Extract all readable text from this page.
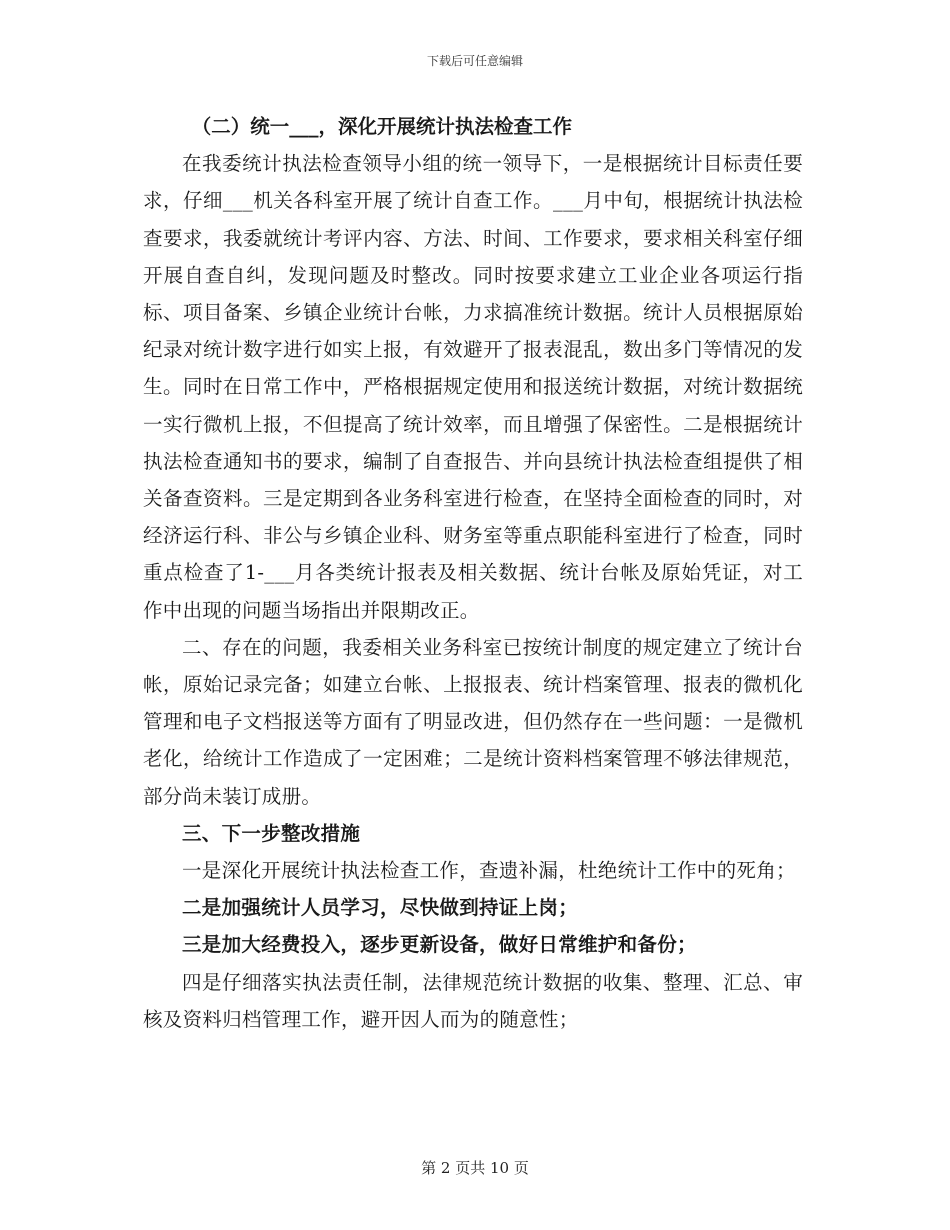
下载后可任意编辑

（二）统一___，深化开展统计执法检查工作

在我委统计执法检查领导小组的统一领导下，一是根据统计目标责任要求，仔细___机关各科室开展了统计自查工作。___月中旬，根据统计执法检查要求，我委就统计考评内容、方法、时间、工作要求，要求相关科室仔细开展自查自纠，发现问题及时整改。同时按要求建立工业企业各项运行指标、项目备案、乡镇企业统计台帐，力求搞准统计数据。统计人员根据原始纪录对统计数字进行如实上报，有效避开了报表混乱，数出多门等情况的发生。同时在日常工作中，严格根据规定使用和报送统计数据，对统计数据统一实行微机上报，不但提高了统计效率，而且增强了保密性。二是根据统计执法检查通知书的要求，编制了自查报告、并向县统计执法检查组提供了相关备查资料。三是定期到各业务科室进行检查，在坚持全面检查的同时，对经济运行科、非公与乡镇企业科、财务室等重点职能科室进行了检查，同时重点检查了1-___月各类统计报表及相关数据、统计台帐及原始凭证，对工作中出现的问题当场指出并限期改正。

二、存在的问题，我委相关业务科室已按统计制度的规定建立了统计台帐，原始记录完备；如建立台帐、上报报表、统计档案管理、报表的微机化管理和电子文档报送等方面有了明显改进，但仍然存在一些问题：一是微机老化，给统计工作造成了一定困难；二是统计资料档案管理不够法律规范，部分尚未装订成册。

三、下一步整改措施

一是深化开展统计执法检查工作，查遗补漏，杜绝统计工作中的死角；

二是加强统计人员学习，尽快做到持证上岗；

三是加大经费投入，逐步更新设备，做好日常维护和备份；

四是仔细落实执法责任制，法律规范统计数据的收集、整理、汇总、审核及资料归档管理工作，避开因人而为的随意性；

第 2 页共 10 页
